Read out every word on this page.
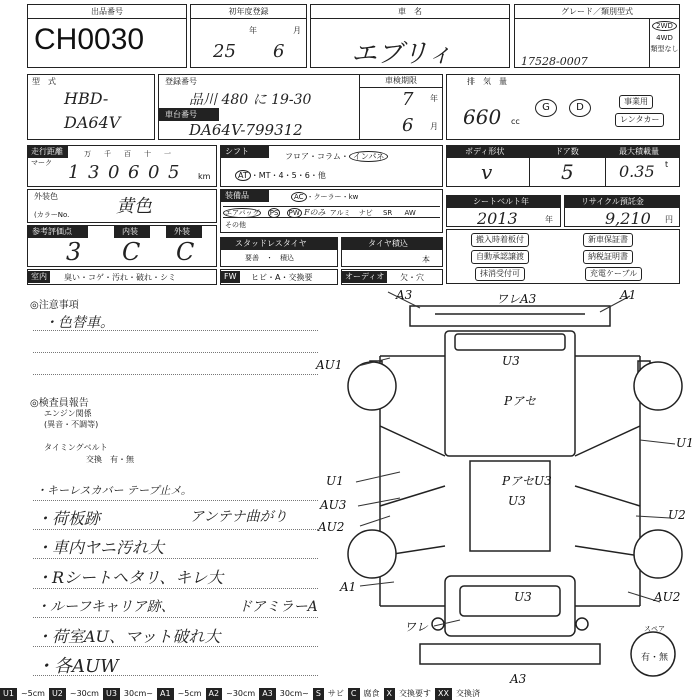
出品番号
CH0030
初年度登録
25
年
6
月
車　名
エブリィ
グレード／類別型式
17528-0007
2WD
4WD
類型なし
型　式
HBD-
DA64V
登録番号
品川 480 に 19-30
車台番号
DA64V-799312
車検期限
7 年
6 月
排　気　量
660 cc
G	D
事業用
レンタカー
走行距離
マーク
万 千 百 十 一
1 3 0 6 0 5 km
シフト
フロア・コラム・ インパネ
AT ・MT・4・5・6・他
ボディ形状	ドア数	最大積載量
v	5	0.35 t
外装色
(カラーNo.	黄色
装備品	AC ・クーラー・kw
エアバッグ PS PW Fのみ アルミ ナビ SR AW
その他
シートベルト年
2013	年
リサイクル預託金
9,210 円
参考評価点	内装	外装
3 C C	スタッドレスタイヤ
要善　・　積込
タイヤ積込
本
搬入時着板付
自動承認譲渡
抹消受付可
新車保証書
納税証明書
充電ケーブル
室内	臭い・コゲ・汚れ・破れ・シミ	FW	ヒビ・A・交換要	オーディオ	欠・穴
◎注意事項
・色替車。
◎検査員報告
エンジン関係
(異音・不調等)
タイミングベルト
交換　有・無
・キーレスカバー テープ止メ。
・荷板跡	アンテナ曲がり
・車内ヤニ汚れ大
・Rシートヘタリ、キレ大
・ルーフキャリア跡、	ドアミラーA
・荷室AU、マット破れ大
・各AUW
A3	ワレA3	A1
U3
Pアセ
AU1
U1
PアセU3
U3
U1
AU3
AU2
U2
A1
U3	AU2
ワレ
A3
スペア
有・無
U1 ~5cm U2 ~30cm U3 30cm~ A1 ~5cm A2 ~30cm A3 30cm~ S サビ C 腐食 X 交換要す XX 交換済
